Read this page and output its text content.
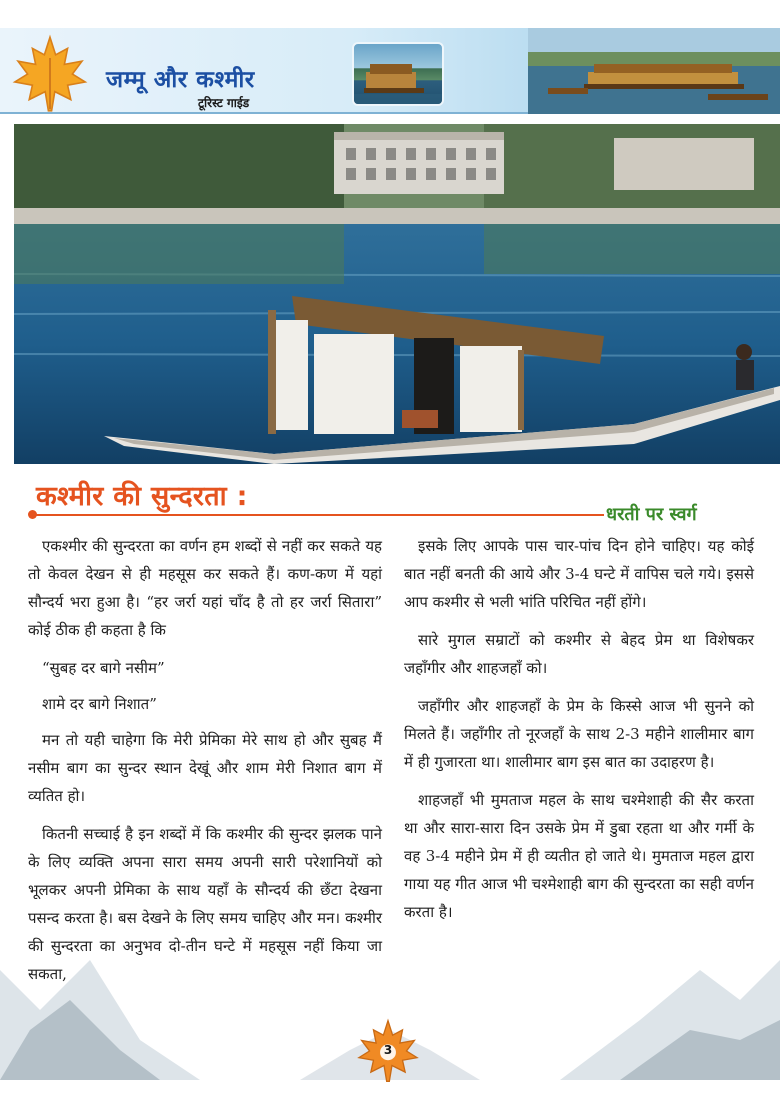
जम्मू और कश्मीर
टूरिस्ट गाईड
कश्मीर की सुन्दरता :
धरती पर स्वर्ग

एकश्मीर की सुन्दरता का वर्णन हम शब्दों से नहीं कर सकते यह तो केवल देखन से ही महसूस कर सकते हैं। कण-कण में यहां सौन्दर्य भरा हुआ है। “हर जर्रा यहां चाँद है तो हर जर्रा सितारा” कोई ठीक ही कहता है कि

“सुबह दर बागे नसीम”

शामे दर बागे निशात”

मन तो यही चाहेगा कि मेरी प्रेमिका मेरे साथ हो और सुबह मैं नसीम बाग का सुन्दर स्थान देखूं और शाम मेरी निशात बाग में व्यतित हो।

कितनी सच्चाई है इन शब्दों में कि कश्मीर की सुन्दर झलक पाने के लिए व्यक्ति अपना सारा समय अपनी सारी परेशानियों को भूलकर अपनी प्रेमिका के साथ यहाँ के सौन्दर्य की छँटा देखना पसन्द करता है। बस देखने के लिए समय चाहिए और मन। कश्मीर की सुन्दरता का अनुभव दो-तीन घन्टे में महसूस नहीं किया जा सकता,

इसके लिए आपके पास चार-पांच दिन होने चाहिए। यह कोई बात नहीं बनती की आये और 3-4 घन्टे में वापिस चले गये। इससे आप कश्मीर से भली भांति परिचित नहीं होंगे।

सारे मुगल सम्राटों को कश्मीर से बेहद प्रेम था विशेषकर जहाँगीर और शाहजहाँ को।

जहाँगीर और शाहजहाँ के प्रेम के किस्से आज भी सुनने को मिलते हैं। जहाँगीर तो नूरजहाँ के साथ 2-3 महीने शालीमार बाग में ही गुजारता था। शालीमार बाग इस बात का उदाहरण है।

शाहजहाँ भी मुमताज महल के साथ चश्मेशाही की सैर करता था और सारा-सारा दिन उसके प्रेम में डुबा रहता था और गर्मी के वह 3-4 महीने प्रेम में ही व्यतीत हो जाते थे। मुमताज महल द्वारा गाया यह गीत आज भी चश्मेशाही बाग की सुन्दरता का सही वर्णन करता है।

3
